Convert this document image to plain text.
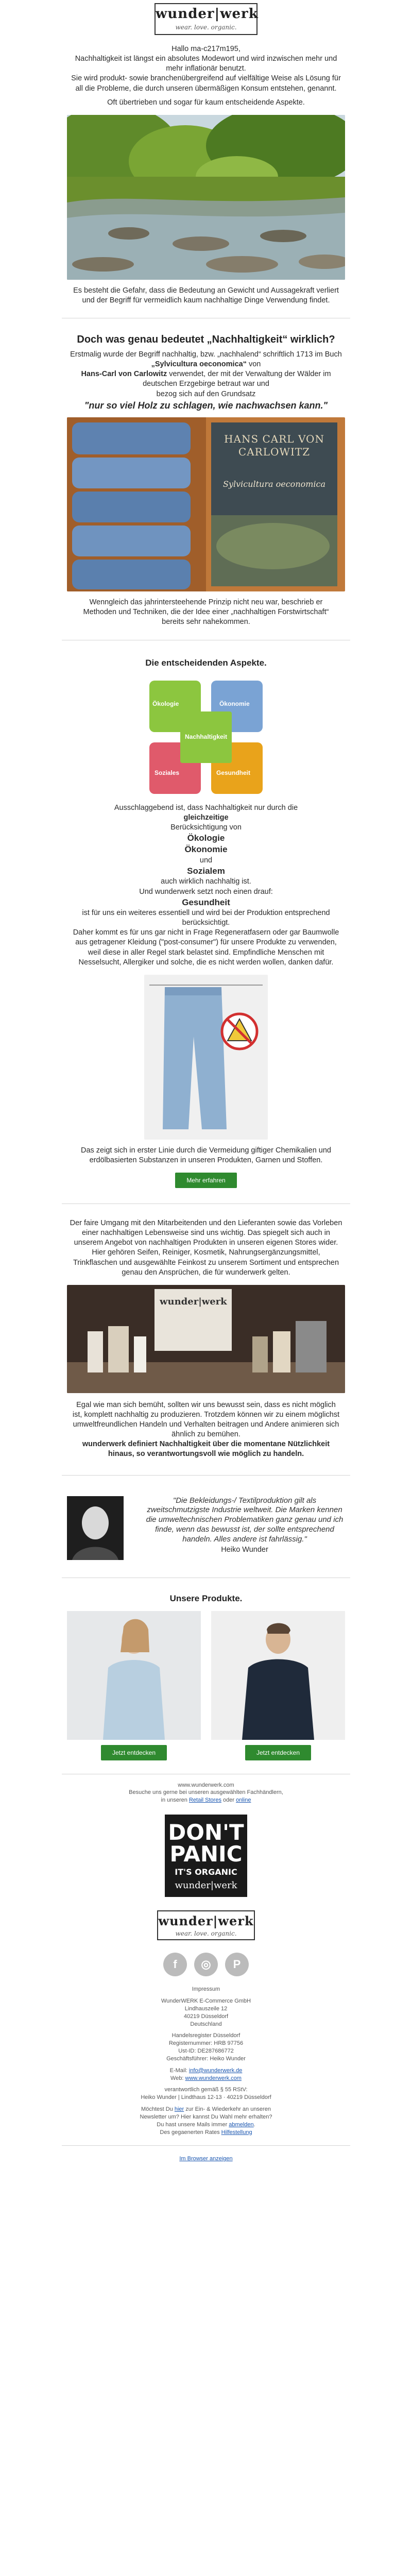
wunder|werk
wear. love. organic.

Hallo ma-c217m195,

Nachhaltigkeit ist längst ein absolutes Modewort und wird inzwischen mehr und mehr inflationär benutzt.

Sie wird produkt- sowie branchenübergreifend auf vielfältige Weise als Lösung für all die Probleme, die durch unseren übermäßigen Konsum entstehen, genannt.

Oft übertrieben und sogar für kaum entscheidende Aspekte.

Es besteht die Gefahr, dass die Bedeutung an Gewicht und Aussagekraft verliert und der Begriff für vermeidlich kaum nachhaltige Dinge Verwendung findet.

Doch was genau bedeutet „Nachhaltigkeit“ wirklich?

Erstmalig wurde der Begriff nachhaltig, bzw. „nachhalend“ schriftlich 1713 im Buch „Sylvicultura oeconomica“ von
Hans-Carl von Carlowitz verwendet, der mit der Verwaltung der Wälder im deutschen Erzgebirge betraut war und
bezog sich auf den Grundsatz

"nur so viel Holz zu schlagen, wie nachwachsen kann."
HANS CARL VON CARLOWITZ
Sylvicultura oeconomica

Wenngleich das jahrintersteehende Prinzip nicht neu war, beschrieb er Methoden und Techniken, die der Idee einer „nachhaltigen Forstwirtschaft“ bereits sehr nahekommen.

Die entscheidenden Aspekte.
Ökologie	Ökonomie
Nachhaltigkeit
Soziales	Gesundheit

Ausschlaggebend ist, dass Nachhaltigkeit nur durch die

gleichzeitige

Berücksichtigung von

Ökologie

Ökonomie

und

Sozialem

auch wirklich nachhaltig ist.

Und wunderwerk setzt noch einen drauf:

Gesundheit

ist für uns ein weiteres essentiell und wird bei der Produktion entsprechend berücksichtigt.

Daher kommt es für uns gar nicht in Frage Regeneratfasern oder gar Baumwolle aus getragener Kleidung ("post-consumer") für unsere Produkte zu verwenden, weil diese in aller Regel stark belastet sind. Empfindliche Menschen mit Nesselsucht, Allergiker und solche, die es nicht werden wollen, danken dafür.

Das zeigt sich in erster Linie durch die Vermeidung giftiger Chemikalien und erdölbasierten Substanzen in unseren Produkten, Garnen und Stoffen.

Mehr erfahren

Der faire Umgang mit den Mitarbeitenden und den Lieferanten sowie das Vorleben einer nachhaltigen Lebensweise sind uns wichtig. Das spiegelt sich auch in unserem Angebot von nachhaltigen Produkten in unseren eigenen Stores wider. Hier gehören Seifen, Reiniger, Kosmetik, Nahrungsergänzungsmittel, Trinkflaschen und ausgewählte Feinkost zu unserem Sortiment und entsprechen genau den Ansprüchen, die für wunderwerk gelten.

wunder|werk

Egal wie man sich bemüht, sollten wir uns bewusst sein, dass es nicht möglich ist, komplett nachhaltig zu produzieren. Trotzdem können wir zu einem möglichst umweltfreundlichen Handeln und Verhalten beitragen und Andere animieren sich ähnlich zu bemühen.

wunderwerk definiert Nachhaltigkeit über die momentane Nützlichkeit hinaus, so verantwortungsvoll wie möglich zu handeln.

"Die Bekleidungs-/ Textilproduktion gilt als zweitschmutzigste Industrie weltweit. Die Marken kennen die umweltechnischen Problematiken ganz genau und ich finde, wenn das bewusst ist, der sollte entsprechend handeln. Alles andere ist fahrlässig."

Heiko Wunder

Unsere Produkte.
Jetzt entdecken	Jetzt entdecken

www.wunderwerk.com

Besuche uns gerne bei unseren ausgewählten Fachhändlern,
in unseren Retail Stores oder online

DON'T
PANIC
IT'S ORGANIC
wunder|werk
wunder|werk
wear. love. organic.
f	◎	P

Impressum

WunderWERK E-Commerce GmbH

Lindhauszeile 12

40219 Düsseldorf

Deutschland

Handelsregister Düsseldorf

Registernummer: HRB 97756

Ust-ID: DE287686772

Geschäftsführer: Heiko Wunder

E-Mail: info@wunderwerk.de

Web: www.wunderwerk.com

verantwortlich gemäß § 55 RStV:

Heiko Wunder | Lindthaus 12-13 · 40219 Düsseldorf

Möchtest Du hier zur Ein- & Wiederkehr an unseren
Newsletter um? Hier kannst Du Wahl mehr erhalten?
Du hast unsere Mails immer abmelden.
Des gegaenerten Rates Hilfestellung

Im Browser anzeigen
